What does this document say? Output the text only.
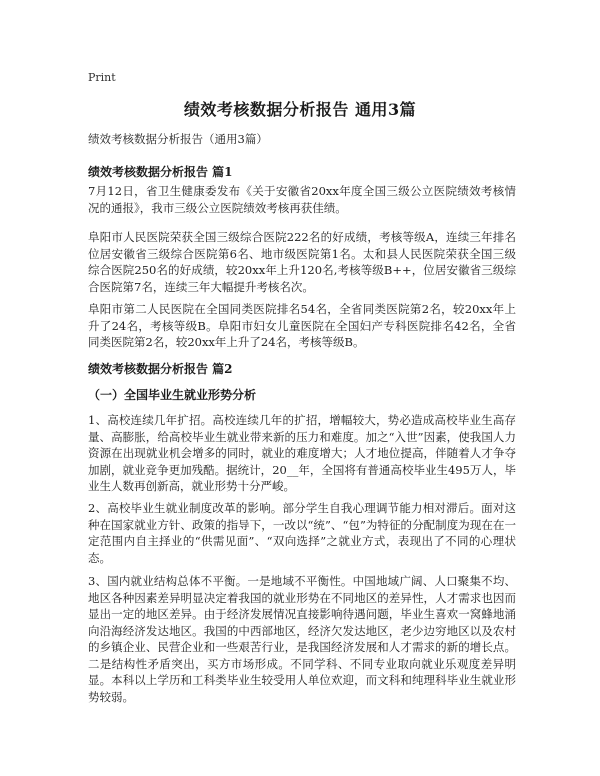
Print
绩效考核数据分析报告 通用3篇
绩效考核数据分析报告（通用3篇）
绩效考核数据分析报告 篇1
7月12日，省卫生健康委发布《关于安徽省20xx年度全国三级公立医院绩效考核情况的通报》，我市三级公立医院绩效考核再获佳绩。
阜阳市人民医院荣获全国三级综合医院222名的好成绩，考核等级A，连续三年排名位居安徽省三级综合医院第6名、地市级医院第1名。太和县人民医院荣获全国三级综合医院250名的好成绩，较20xx年上升120名,考核等级B++，位居安徽省三级综合医院第7名，连续三年大幅提升考核名次。
阜阳市第二人民医院在全国同类医院排名54名，全省同类医院第2名，较20xx年上升了24名，考核等级B。阜阳市妇女儿童医院在全国妇产专科医院排名42名，全省同类医院第2名，较20xx年上升了24名，考核等级B。
绩效考核数据分析报告 篇2
（一）全国毕业生就业形势分析
1、高校连续几年扩招。高校连续几年的扩招，增幅较大，势必造成高校毕业生高存量、高膨胀，给高校毕业生就业带来新的压力和难度。加之“入世”因素，使我国人力资源在出现就业机会增多的同时，就业的难度增大；人才地位提高，伴随着人才争夺加剧，就业竞争更加残酷。据统计，20__年，全国将有普通高校毕业生495万人，毕业生人数再创新高，就业形势十分严峻。
2、高校毕业生就业制度改革的影响。部分学生自我心理调节能力相对滞后。面对这种在国家就业方针、政策的指导下，一改以“统”、“包”为特征的分配制度为现在在一定范围内自主择业的“供需见面”、“双向选择”之就业方式，表现出了不同的心理状态。
3、国内就业结构总体不平衡。一是地域不平衡性。中国地域广阔、人口聚集不均、地区各种因素差异明显决定着我国的就业形势在不同地区的差异性，人才需求也因而显出一定的地区差异。由于经济发展情况直接影响待遇问题，毕业生喜欢一窝蜂地涌向沿海经济发达地区。我国的中西部地区，经济欠发达地区，老少边穷地区以及农村的乡镇企业、民营企业和一些艰苦行业，是我国经济发展和人才需求的新的增长点。二是结构性矛盾突出，买方市场形成。不同学科、不同专业取向就业乐观度差异明显。本科以上学历和工科类毕业生较受用人单位欢迎，而文科和纯理科毕业生就业形势较弱。
